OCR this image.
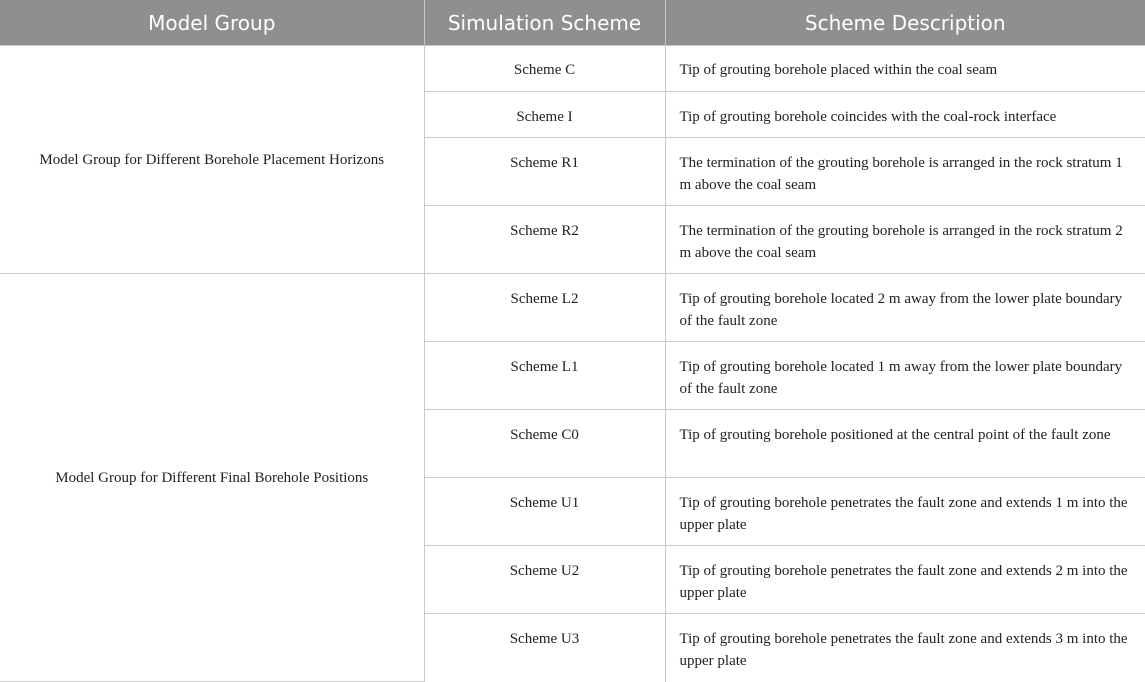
Model Group	Simulation Scheme	Scheme Description
Model Group for Different Borehole Placement Horizons	Scheme C	Tip of grouting borehole placed within the coal seam
	Scheme I	Tip of grouting borehole coincides with the coal-rock interface
	Scheme R1	The termination of the grouting borehole is arranged in the rock stratum 1 m above the coal seam
	Scheme R2	The termination of the grouting borehole is arranged in the rock stratum 2 m above the coal seam
Model Group for Different Final Borehole Positions	Scheme L2	Tip of grouting borehole located 2 m away from the lower plate boundary of the fault zone
	Scheme L1	Tip of grouting borehole located 1 m away from the lower plate boundary of the fault zone
	Scheme C0	Tip of grouting borehole positioned at the central point of the fault zone
	Scheme U1	Tip of grouting borehole penetrates the fault zone and extends 1 m into the upper plate
	Scheme U2	Tip of grouting borehole penetrates the fault zone and extends 2 m into the upper plate
	Scheme U3	Tip of grouting borehole penetrates the fault zone and extends 3 m into the upper plate
